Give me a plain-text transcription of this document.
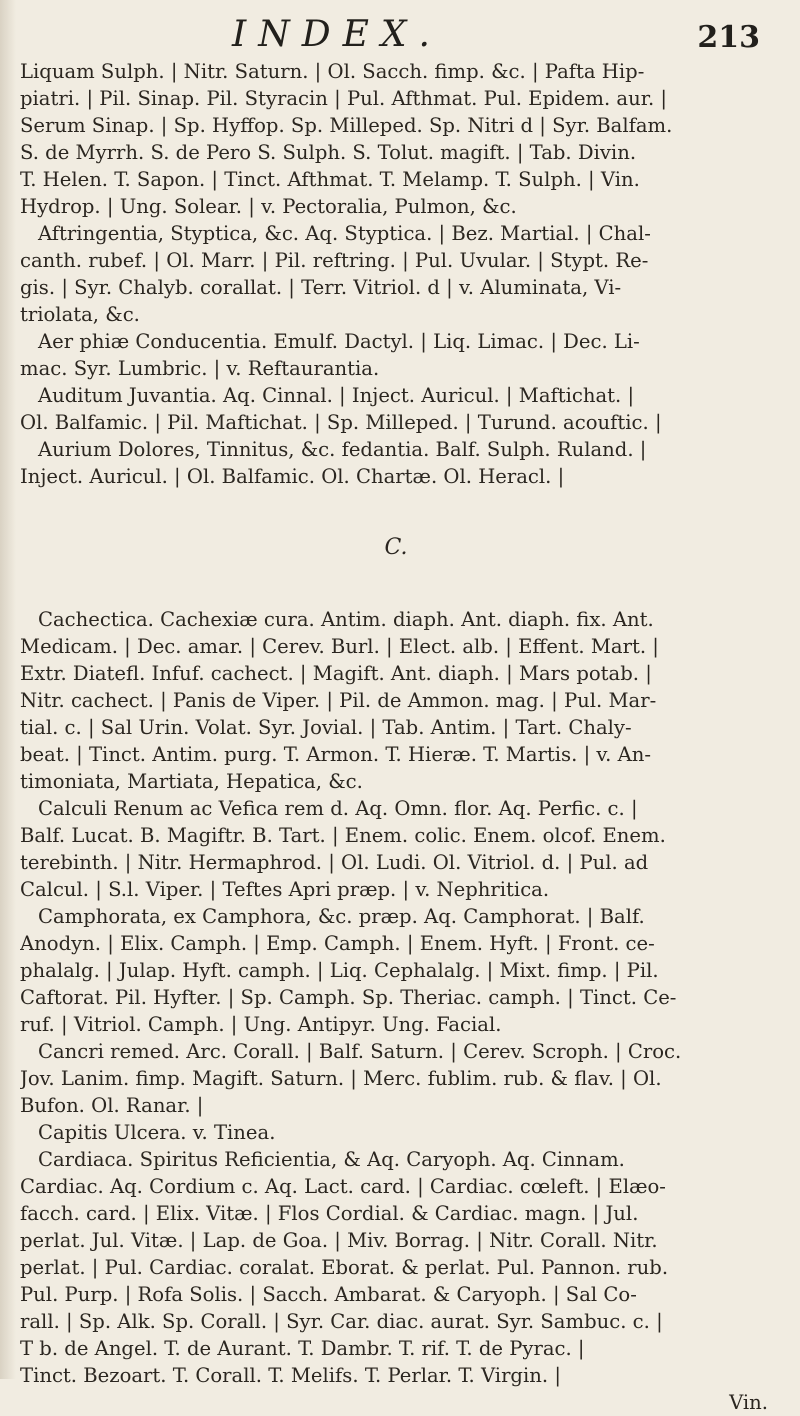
INDEX.	213
Liquam Sulph. | Nitr. Saturn. | Ol. Sacch. fimp. &c. | Pafta Hip-
piatri. | Pil. Sinap. Pil. Styracin | Pul. Afthmat. Pul. Epidem. aur. |
Serum Sinap. | Sp. Hyffop. Sp. Milleped. Sp. Nitri d | Syr. Balfam.
S. de Myrrh. S. de Pero S. Sulph. S. Tolut. magift. | Tab. Divin.
T. Helen. T. Sapon. | Tinct. Afthmat. T. Melamp. T. Sulph. | Vin.
Hydrop. | Ung. Solear. | v. Pectoralia, Pulmon, &c.
Aftringentia, Styptica, &c. Aq. Styptica. | Bez. Martial. | Chal-
canth. rubef. | Ol. Marr. | Pil. reftring. | Pul. Uvular. | Stypt. Re-
gis. | Syr. Chalyb. corallat. | Terr. Vitriol. d | v. Aluminata, Vi-
triolata, &c.
Aer phiæ Conducentia. Emulf. Dactyl. | Liq. Limac. | Dec. Li-
mac. Syr. Lumbric. | v. Reftaurantia.
Auditum Juvantia. Aq. Cinnal. | Inject. Auricul. | Maftichat. |
Ol. Balfamic. | Pil. Maftichat. | Sp. Milleped. | Turund. acouftic. |
Aurium Dolores, Tinnitus, &c. fedantia. Balf. Sulph. Ruland. |
Inject. Auricul. | Ol. Balfamic. Ol. Chartæ. Ol. Heracl. |
C.
Cachectica. Cachexiæ cura. Antim. diaph. Ant. diaph. fix. Ant.
Medicam. | Dec. amar. | Cerev. Burl. | Elect. alb. | Effent. Mart. |
Extr. Diatefl. Infuf. cachect. | Magift. Ant. diaph. | Mars potab. |
Nitr. cachect. | Panis de Viper. | Pil. de Ammon. mag. | Pul. Mar-
tial. c. | Sal Urin. Volat. Syr. Jovial. | Tab. Antim. | Tart. Chaly-
beat. | Tinct. Antim. purg. T. Armon. T. Hieræ. T. Martis. | v. An-
timoniata, Martiata, Hepatica, &c.
Calculi Renum ac Vefica rem d. Aq. Omn. flor. Aq. Perfic. c. |
Balf. Lucat. B. Magiftr. B. Tart. | Enem. colic. Enem. olcof. Enem.
terebinth. | Nitr. Hermaphrod. | Ol. Ludi. Ol. Vitriol. d. | Pul. ad
Calcul. | S.l. Viper. | Teftes Apri præp. | v. Nephritica.
Camphorata, ex Camphora, &c. præp. Aq. Camphorat. | Balf.
Anodyn. | Elix. Camph. | Emp. Camph. | Enem. Hyft. | Front. ce-
phalalg. | Julap. Hyft. camph. | Liq. Cephalalg. | Mixt. fimp. | Pil.
Caftorat. Pil. Hyfter. | Sp. Camph. Sp. Theriac. camph. | Tinct. Ce-
ruf. | Vitriol. Camph. | Ung. Antipyr. Ung. Facial.
Cancri remed. Arc. Corall. | Balf. Saturn. | Cerev. Scroph. | Croc.
Jov. Lanim. fimp. Magift. Saturn. | Merc. fublim. rub. & flav. | Ol.
Bufon. Ol. Ranar. |
Capitis Ulcera. v. Tinea.
Cardiaca. Spiritus Reficientia, & Aq. Caryoph. Aq. Cinnam.
Cardiac. Aq. Cordium c. Aq. Lact. card. | Cardiac. cœleft. | Elæo-
facch. card. | Elix. Vitæ. | Flos Cordial. & Cardiac. magn. | Jul.
perlat. Jul. Vitæ. | Lap. de Goa. | Miv. Borrag. | Nitr. Corall. Nitr.
perlat. | Pul. Cardiac. coralat. Eborat. & perlat. Pul. Pannon. rub.
Pul. Purp. | Rofa Solis. | Sacch. Ambarat. & Caryoph. | Sal Co-
rall. | Sp. Alk. Sp. Corall. | Syr. Car. diac. aurat. Syr. Sambuc. c. |
T b. de Angel. T. de Aurant. T. Dambr. T. rif. T. de Pyrac. |
Tinct. Bezoart. T. Corall. T. Melifs. T. Perlar. T. Virgin. |
Vin.
